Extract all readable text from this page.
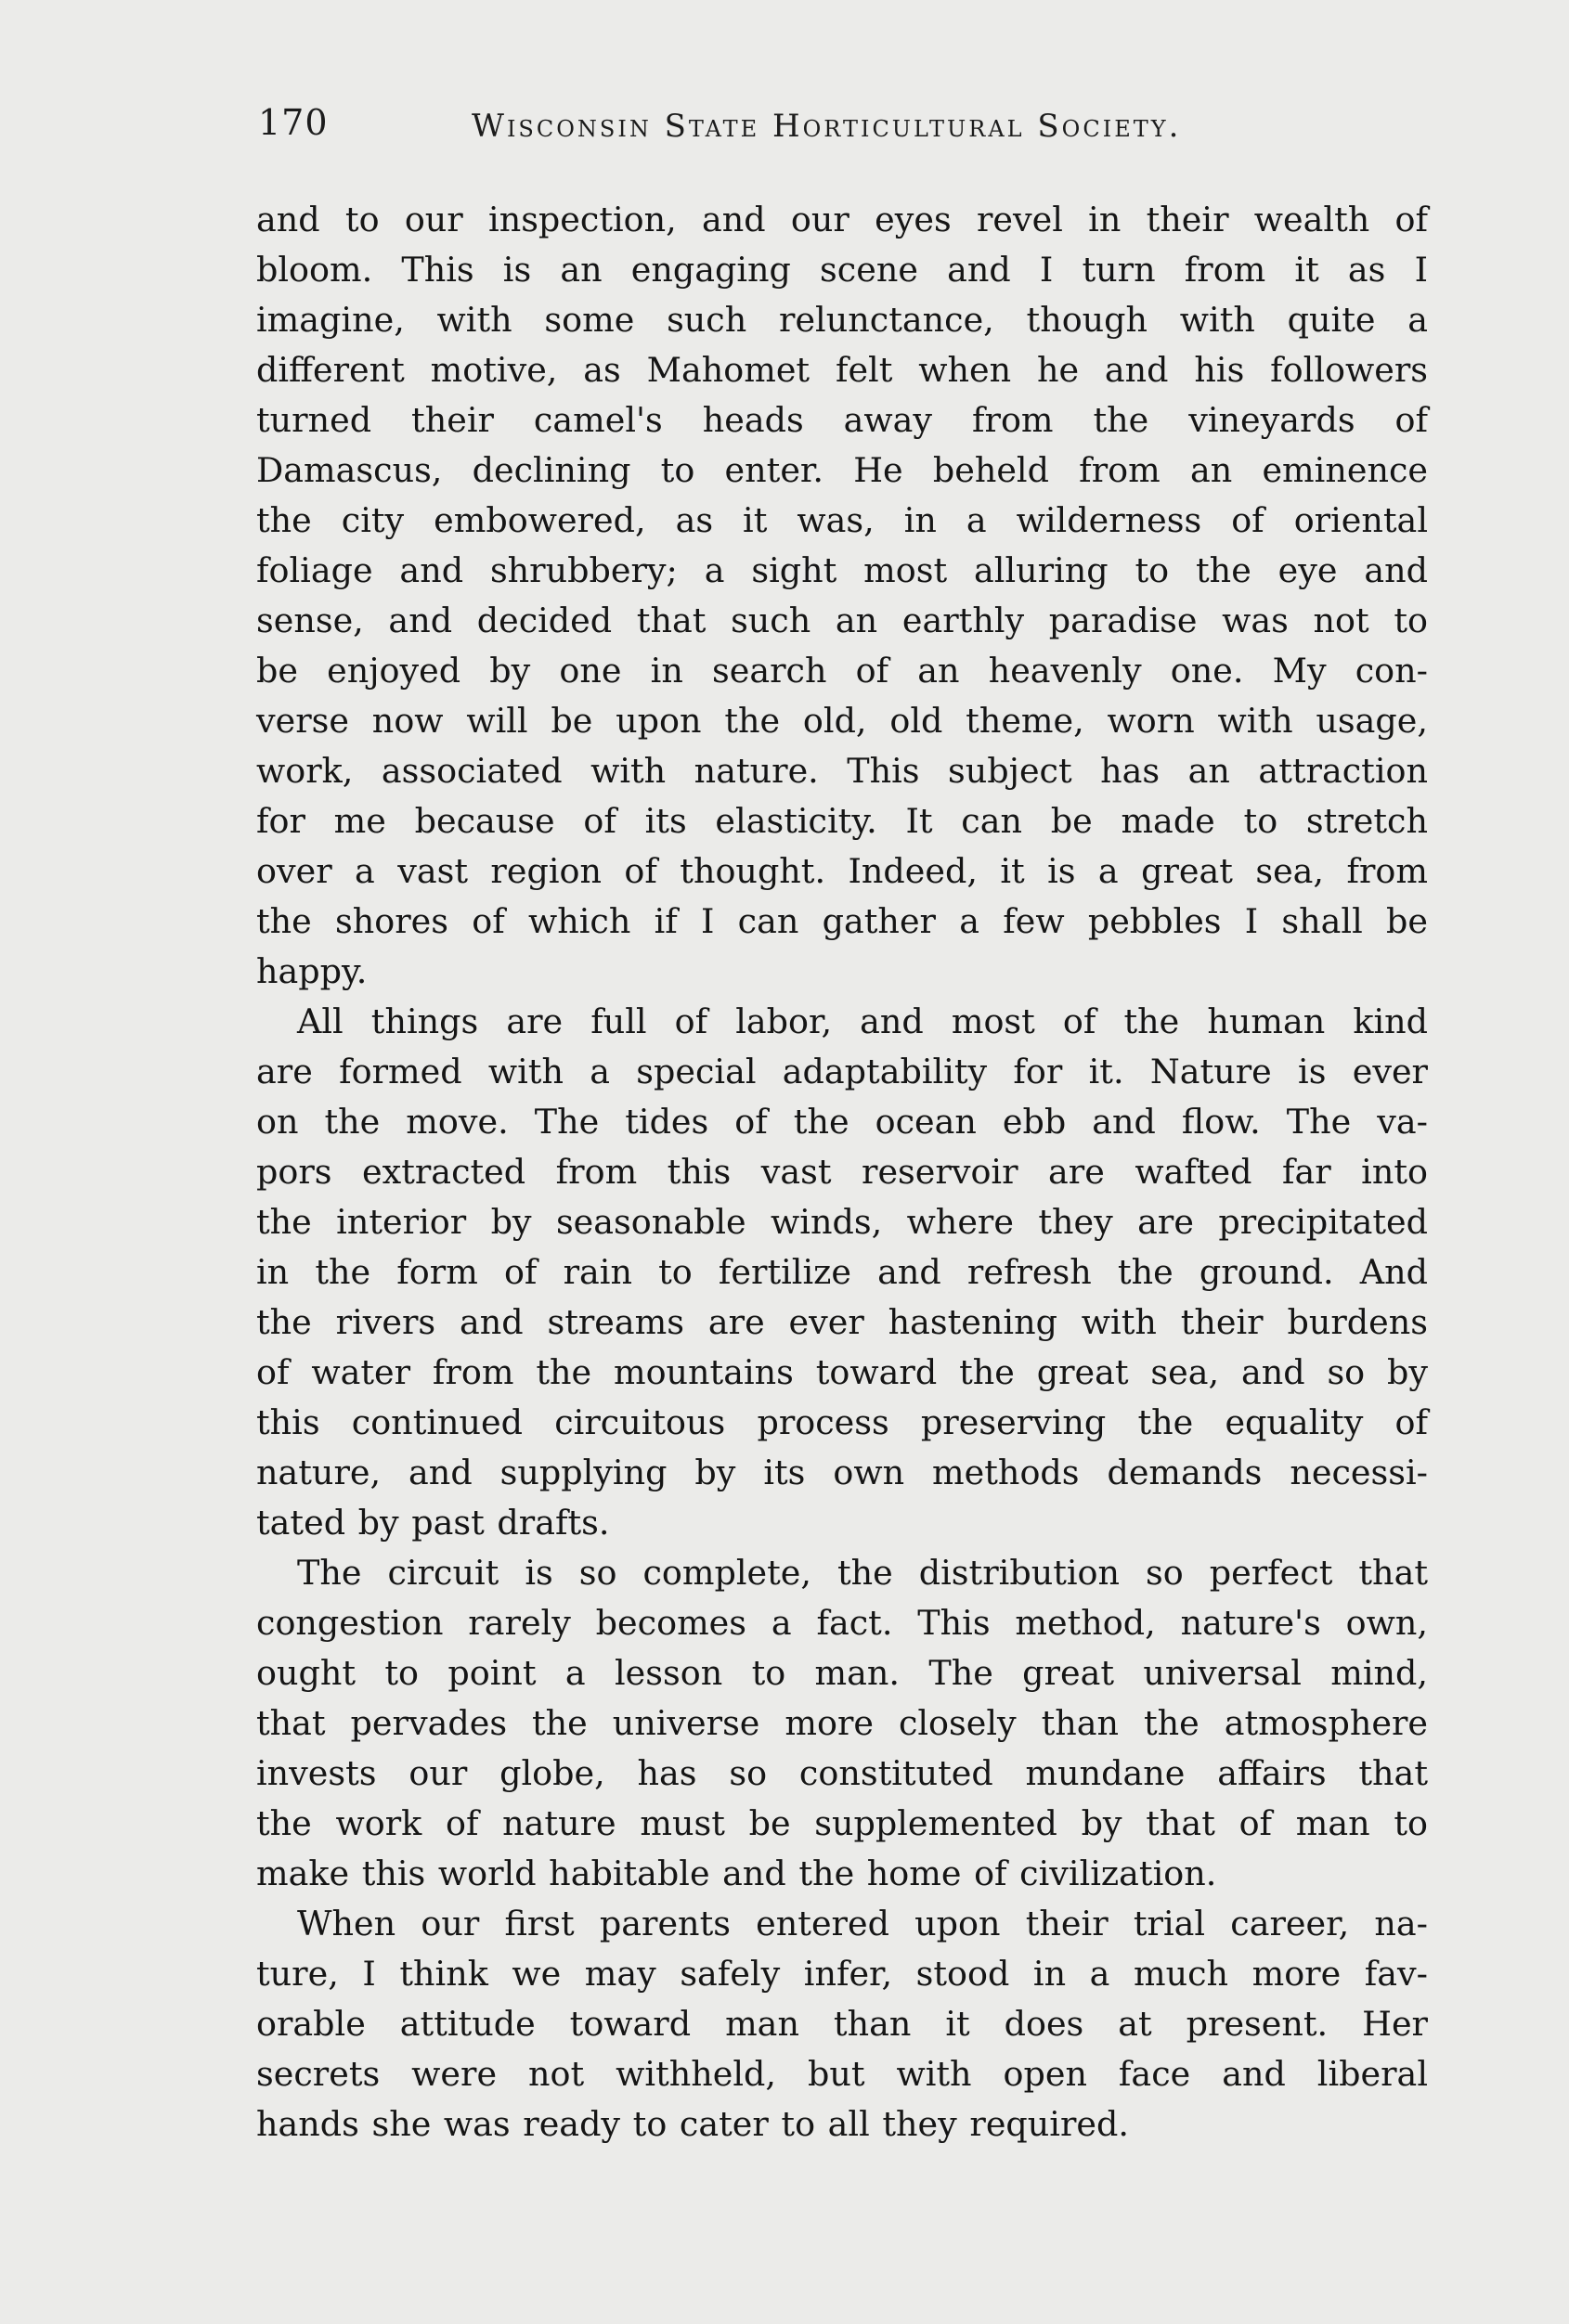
170	Wisconsin State Horticultural Society.
and to our inspection, and our eyes revel in their wealth of
bloom. This is an engaging scene and I turn from it as I
imagine, with some such relunctance, though with quite a
different motive, as Mahomet felt when he and his followers
turned their camel's heads away from the vineyards of
Damascus, declining to enter. He beheld from an eminence
the city embowered, as it was, in a wilderness of oriental
foliage and shrubbery; a sight most alluring to the eye and
sense, and decided that such an earthly paradise was not to
be enjoyed by one in search of an heavenly one. My con-
verse now will be upon the old, old theme, worn with usage,
work, associated with nature. This subject has an attraction
for me because of its elasticity. It can be made to stretch
over a vast region of thought. Indeed, it is a great sea, from
the shores of which if I can gather a few pebbles I shall be
happy.
All things are full of labor, and most of the human kind
are formed with a special adaptability for it. Nature is ever
on the move. The tides of the ocean ebb and flow. The va-
pors extracted from this vast reservoir are wafted far into
the interior by seasonable winds, where they are precipitated
in the form of rain to fertilize and refresh the ground. And
the rivers and streams are ever hastening with their burdens
of water from the mountains toward the great sea, and so by
this continued circuitous process preserving the equality of
nature, and supplying by its own methods demands necessi-
tated by past drafts.
The circuit is so complete, the distribution so perfect that
congestion rarely becomes a fact. This method, nature's own,
ought to point a lesson to man. The great universal mind,
that pervades the universe more closely than the atmosphere
invests our globe, has so constituted mundane affairs that
the work of nature must be supplemented by that of man to
make this world habitable and the home of civilization.
When our first parents entered upon their trial career, na-
ture, I think we may safely infer, stood in a much more fav-
orable attitude toward man than it does at present. Her
secrets were not withheld, but with open face and liberal
hands she was ready to cater to all they required.
